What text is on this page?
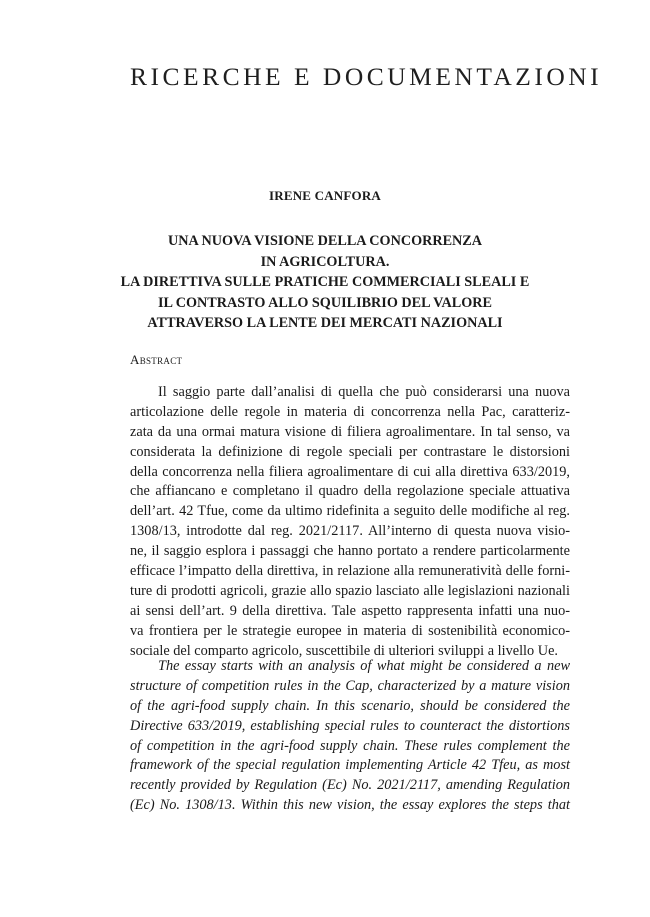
RICERCHE E DOCUMENTAZIONI
IRENE CANFORA
UNA NUOVA VISIONE DELLA CONCORRENZA
IN AGRICOLTURA.
LA DIRETTIVA SULLE PRATICHE COMMERCIALI SLEALI E
IL CONTRASTO ALLO SQUILIBRIO DEL VALORE
ATTRAVERSO LA LENTE DEI MERCATI NAZIONALI
Abstract
Il saggio parte dall’analisi di quella che può considerarsi una nuova
articolazione delle regole in materia di concorrenza nella Pac, caratteriz-
zata da una ormai matura visione di filiera agroalimentare. In tal senso, va
considerata la definizione di regole speciali per contrastare le distorsioni
della concorrenza nella filiera agroalimentare di cui alla direttiva 633/2019,
che affiancano e completano il quadro della regolazione speciale attuativa
dell’art. 42 Tfue, come da ultimo ridefinita a seguito delle modifiche al reg.
1308/13, introdotte dal reg. 2021/2117. All’interno di questa nuova visio-
ne, il saggio esplora i passaggi che hanno portato a rendere particolarmente
efficace l’impatto della direttiva, in relazione alla remuneratività delle forni-
ture di prodotti agricoli, grazie allo spazio lasciato alle legislazioni nazionali
ai sensi dell’art. 9 della direttiva. Tale aspetto rappresenta infatti una nuo-
va frontiera per le strategie europee in materia di sostenibilità economico-
sociale del comparto agricolo, suscettibile di ulteriori sviluppi a livello Ue.
The essay starts with an analysis of what might be considered a new
structure of competition rules in the Cap, characterized by a mature vision
of the agri-food supply chain. In this scenario, should be considered the
Directive 633/2019, establishing special rules to counteract the distortions
of competition in the agri-food supply chain. These rules complement the
framework of the special regulation implementing Article 42 Tfeu, as most
recently provided by Regulation (Ec) No. 2021/2117, amending Regulation
(Ec) No. 1308/13. Within this new vision, the essay explores the steps that
